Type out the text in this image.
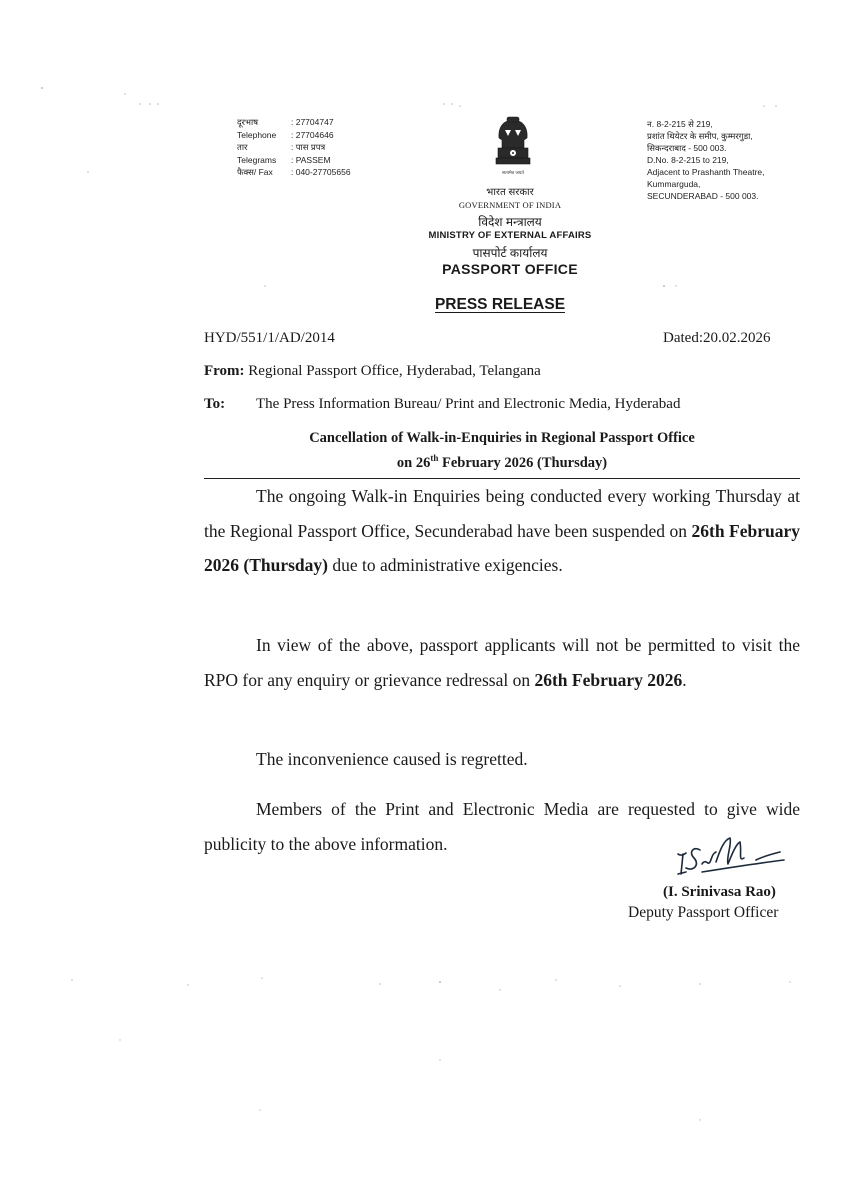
दूरभाष	: 27704747
Telephone	: 27704646
तार	: पास प्रपत्र
Telegrams	: PASSEM
फैक्स/ Fax	: 040-27705656	सत्यमेव जयते
भारत सरकार
GOVERNMENT OF INDIA
विदेश मन्त्रालय
MINISTRY OF EXTERNAL AFFAIRS
पासपोर्ट कार्यालय
PASSPORT OFFICE
न. 8-2-215 से 219,
प्रशांत थियेटर के समीप, कुम्मरगुडा,
सिकन्दराबाद - 500 003.
D.No. 8-2-215 to 219,
Adjacent to Prashanth Theatre,
Kummarguda,
SECUNDERABAD - 500 003.
PRESS RELEASE
HYD/551/1/AD/2014	Dated:20.02.2026
From: Regional Passport Office, Hyderabad, Telangana
To: The Press Information Bureau/ Print and Electronic Media, Hyderabad
Cancellation of Walk-in-Enquiries in Regional Passport Office
on 26th February 2026 (Thursday)
The ongoing Walk-in Enquiries being conducted every working Thursday at the Regional Passport Office, Secunderabad have been suspended on 26th February 2026 (Thursday) due to administrative exigencies.
In view of the above, passport applicants will not be permitted to visit the RPO for any enquiry or grievance redressal on 26th February 2026.
The inconvenience caused is regretted.
Members of the Print and Electronic Media are requested to give wide publicity to the above information.
(I. Srinivasa Rao)
Deputy Passport Officer
